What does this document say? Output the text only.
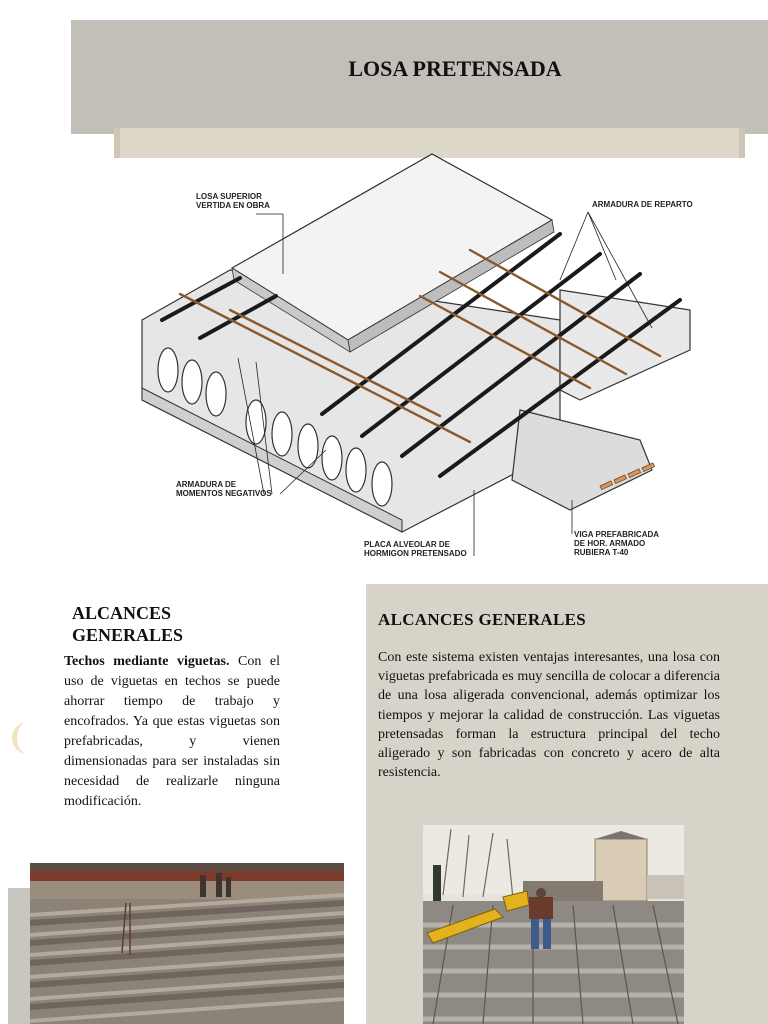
LOSA PRETENSADA
LOSA SUPERIOR
VERTIDA EN OBRA	ARMADURA DE REPARTO
ARMADURA DE
MOMENTOS NEGATIVOS
PLACA ALVEOLAR DE
HORMIGON PRETENSADO
VIGA PREFABRICADA
DE HOR. ARMADO
RUBIERA T-40
ALCANCES GENERALES
Techos mediante viguetas. Con el uso de viguetas en techos se puede ahorrar tiempo de trabajo y encofrados. Ya que estas viguetas son prefabricadas, y vienen dimensionadas para ser instaladas sin necesidad de realizarle ninguna modificación.
ALCANCES GENERALES
Con este sistema existen ventajas interesantes, una losa con viguetas prefabricada es muy sencilla de colocar a diferencia de una losa aligerada convencional, además optimizar los tiempos y mejorar la calidad de construcción. Las viguetas pretensadas forman la estructura principal del techo aligerado y son fabricadas con concreto y acero de alta resistencia.
